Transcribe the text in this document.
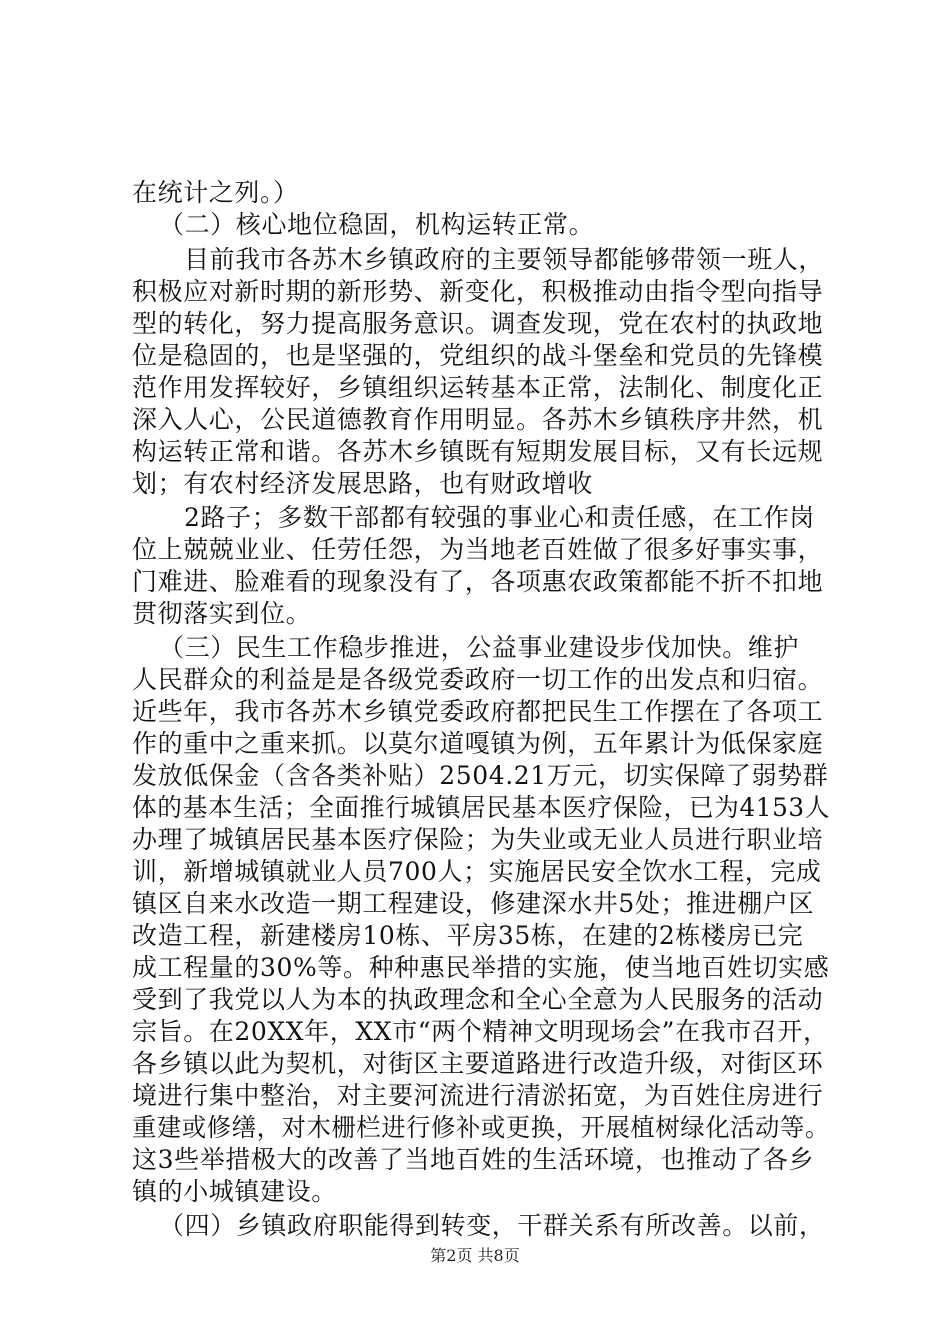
在统计之列。）
（二）核心地位稳固，机构运转正常。
目前我市各苏木乡镇政府的主要领导都能够带领一班人，
积极应对新时期的新形势、新变化，积极推动由指令型向指导
型的转化，努力提高服务意识。调查发现，党在农村的执政地
位是稳固的，也是坚强的，党组织的战斗堡垒和党员的先锋模
范作用发挥较好，乡镇组织运转基本正常，法制化、制度化正
深入人心，公民道德教育作用明显。各苏木乡镇秩序井然，机
构运转正常和谐。各苏木乡镇既有短期发展目标，又有长远规
划；有农村经济发展思路，也有财政增收
2路子；多数干部都有较强的事业心和责任感，在工作岗
位上兢兢业业、任劳任怨，为当地老百姓做了很多好事实事，
门难进、脸难看的现象没有了，各项惠农政策都能不折不扣地
贯彻落实到位。
（三）民生工作稳步推进，公益事业建设步伐加快。维护
人民群众的利益是是各级党委政府一切工作的出发点和归宿。
近些年，我市各苏木乡镇党委政府都把民生工作摆在了各项工
作的重中之重来抓。以莫尔道嘎镇为例，五年累计为低保家庭
发放低保金（含各类补贴）2504.21万元，切实保障了弱势群
体的基本生活；全面推行城镇居民基本医疗保险，已为4153人
办理了城镇居民基本医疗保险；为失业或无业人员进行职业培
训，新增城镇就业人员700人；实施居民安全饮水工程，完成
镇区自来水改造一期工程建设，修建深水井5处；推进棚户区
改造工程，新建楼房10栋、平房35栋，在建的2栋楼房已完
成工程量的30%等。种种惠民举措的实施，使当地百姓切实感
受到了我党以人为本的执政理念和全心全意为人民服务的活动
宗旨。在20XX年，XX市“两个精神文明现场会”在我市召开，
各乡镇以此为契机，对街区主要道路进行改造升级，对街区环
境进行集中整治，对主要河流进行清淤拓宽，为百姓住房进行
重建或修缮，对木栅栏进行修补或更换，开展植树绿化活动等。
这3些举措极大的改善了当地百姓的生活环境，也推动了各乡
镇的小城镇建设。
（四）乡镇政府职能得到转变，干群关系有所改善。以前，
第2页 共8页
